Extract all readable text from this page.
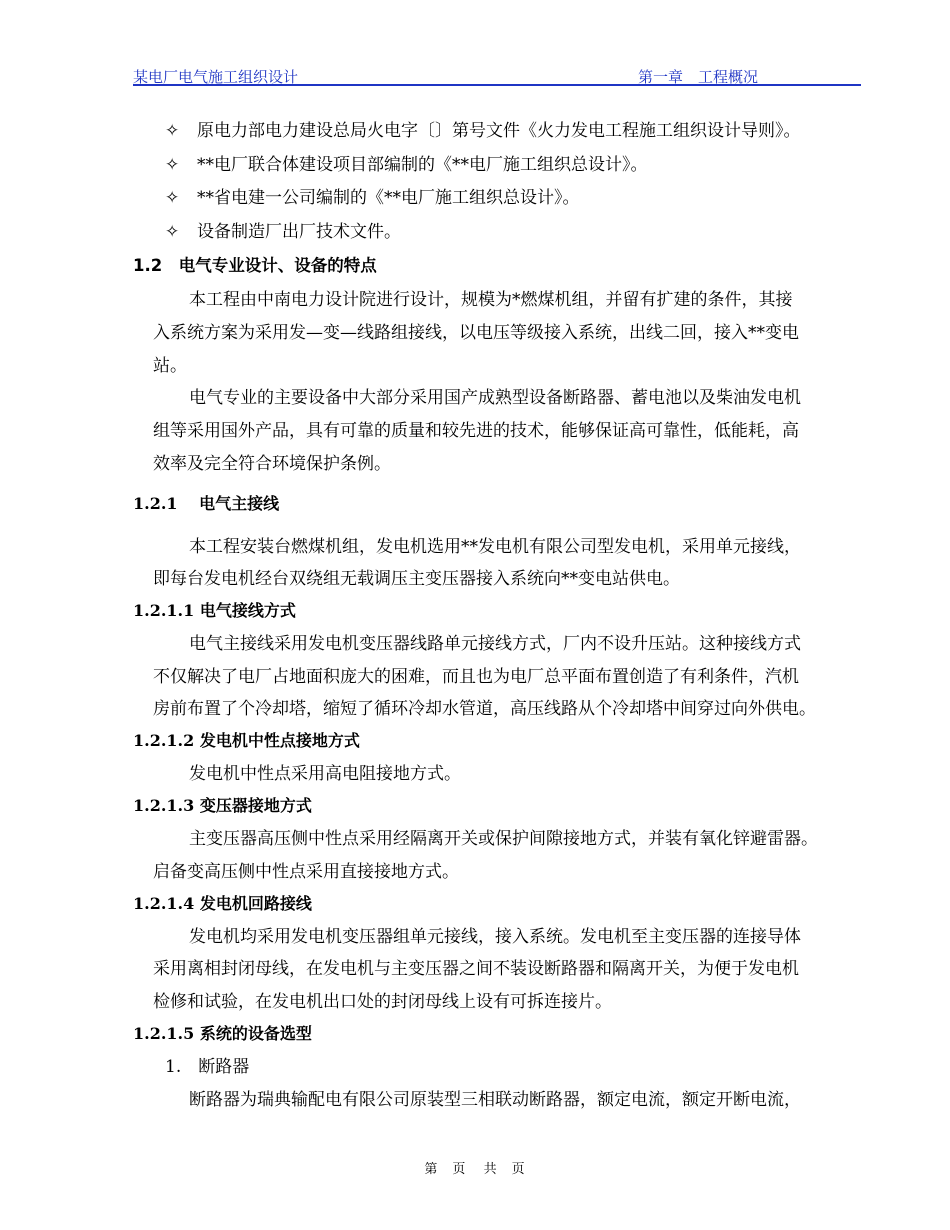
某电厂电气施工组织设计	第一章　工程概况
✧ 原电力部电力建设总局火电字〔〕第号文件《火力发电工程施工组织设计导则》。
✧ **电厂联合体建设项目部编制的《**电厂施工组织总设计》。
✧ **省电建一公司编制的《**电厂施工组织总设计》。
✧ 设备制造厂出厂技术文件。
1.2　电气专业设计、设备的特点
本工程由中南电力设计院进行设计，规模为*燃煤机组，并留有扩建的条件，其接
入系统方案为采用发—变—线路组接线，以电压等级接入系统，出线二回，接入**变电
站。
电气专业的主要设备中大部分采用国产成熟型设备断路器、蓄电池以及柴油发电机
组等采用国外产品，具有可靠的质量和较先进的技术，能够保证高可靠性，低能耗，高
效率及完全符合环境保护条例。
1.2.1　 电气主接线
本工程安装台燃煤机组，发电机选用**发电机有限公司型发电机，采用单元接线，
即每台发电机经台双绕组无载调压主变压器接入系统向**变电站供电。
1.2.1.1 电气接线方式
电气主接线采用发电机变压器线路单元接线方式，厂内不设升压站。这种接线方式
不仅解决了电厂占地面积庞大的困难，而且也为电厂总平面布置创造了有利条件，汽机
房前布置了个冷却塔，缩短了循环冷却水管道，高压线路从个冷却塔中间穿过向外供电。
1.2.1.2 发电机中性点接地方式
发电机中性点采用高电阻接地方式。
1.2.1.3 变压器接地方式
主变压器高压侧中性点采用经隔离开关或保护间隙接地方式，并装有氧化锌避雷器。
启备变高压侧中性点采用直接接地方式。
1.2.1.4 发电机回路接线
发电机均采用发电机变压器组单元接线，接入系统。发电机至主变压器的连接导体
采用离相封闭母线，在发电机与主变压器之间不装设断路器和隔离开关，为便于发电机
检修和试验，在发电机出口处的封闭母线上设有可拆连接片。
1.2.1.5 系统的设备选型
1.　断路器
断路器为瑞典输配电有限公司原装型三相联动断路器，额定电流，额定开断电流，
第　页 共　页
